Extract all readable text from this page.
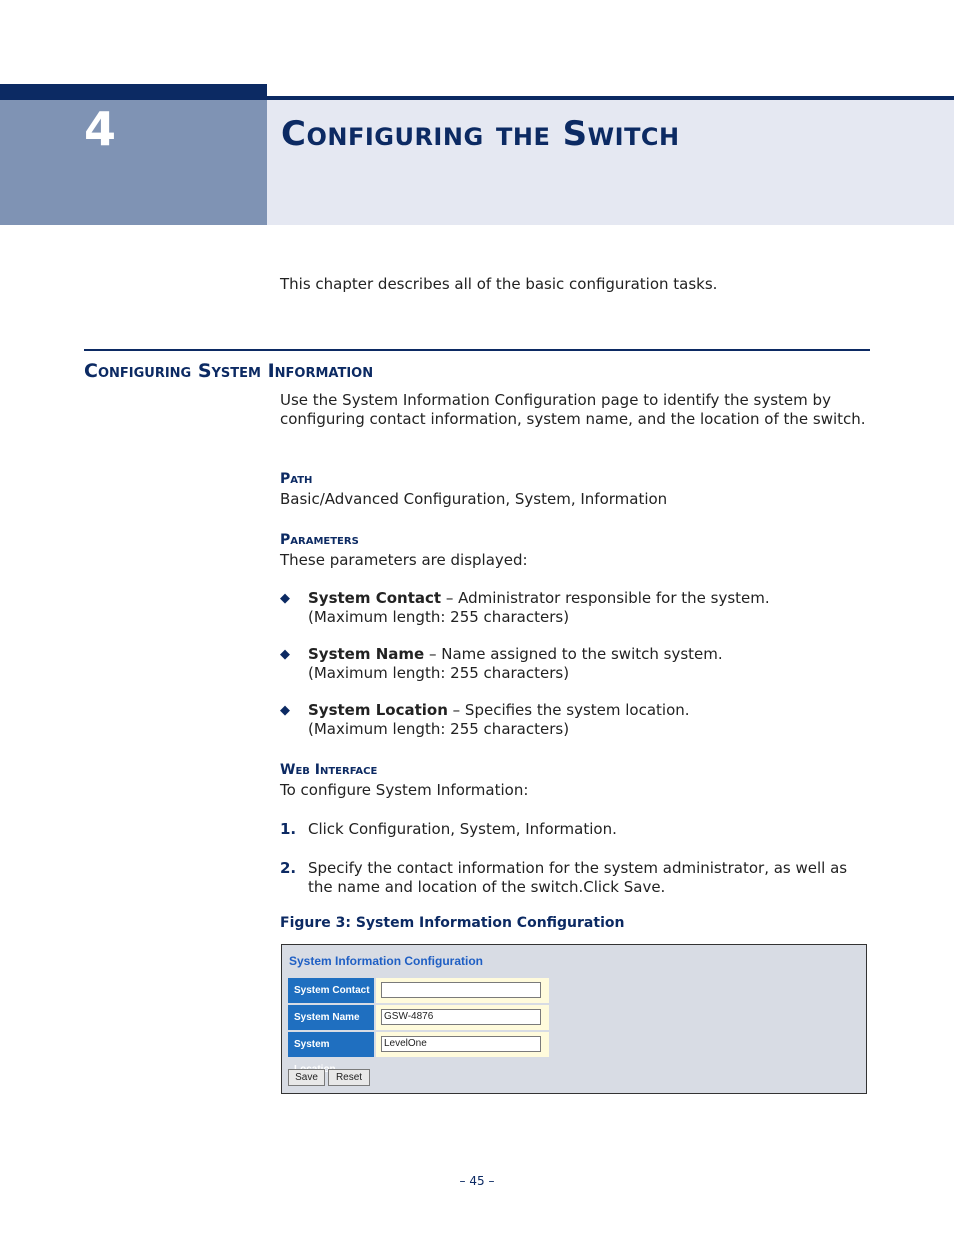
4	Configuring the Switch
This chapter describes all of the basic configuration tasks.
Configuring System Information
Use the System Information Configuration page to identify the system by configuring contact information, system name, and the location of the switch.
Path
Basic/Advanced Configuration, System, Information
Parameters
These parameters are displayed:
◆ System Contact – Administrator responsible for the system.
(Maximum length: 255 characters)
◆ System Name – Name assigned to the switch system.
(Maximum length: 255 characters)
◆ System Location – Specifies the system location.
(Maximum length: 255 characters)
Web Interface
To configure System Information:
1. Click Configuration, System, Information.
2. Specify the contact information for the system administrator, as well as the name and location of the switch.Click Save.
Figure 3: System Information Configuration
System Information Configuration
System Contact
System Name	GSW-4876
System	LevelOne
Save	Reset
– 45 –
